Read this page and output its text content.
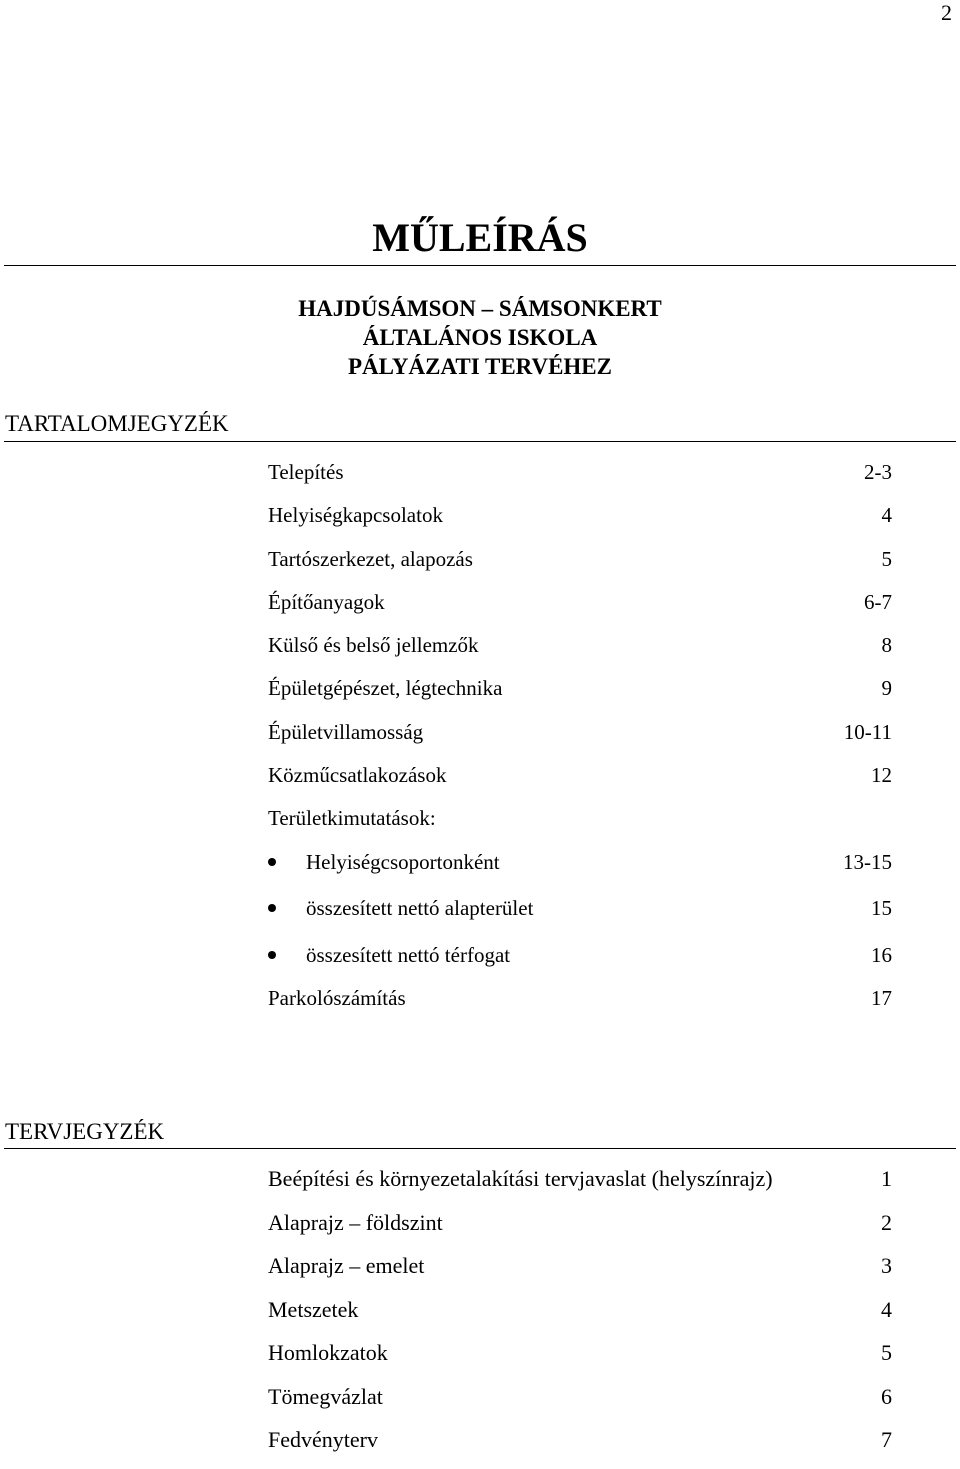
2
MŰLEÍRÁS
HAJDÚSÁMSON – SÁMSONKERT
ÁLTALÁNOS ISKOLA
PÁLYÁZATI TERVÉHEZ
TARTALOMJEGYZÉK
Telepítés	2-3
Helyiségkapcsolatok	4
Tartószerkezet, alapozás	5
Építőanyagok	6-7
Külső és belső jellemzők	8
Épületgépészet, légtechnika	9
Épületvillamosság	10-11
Közműcsatlakozások	12
Területkimutatások:
Helyiségcsoportonként	13-15
összesített nettó alapterület	15
összesített nettó térfogat	16
Parkolószámítás	17
TERVJEGYZÉK
Beépítési és környezetalakítási tervjavaslat (helyszínrajz)	1
Alaprajz – földszint	2
Alaprajz – emelet	3
Metszetek	4
Homlokzatok	5
Tömegvázlat	6
Fedvényterv	7
